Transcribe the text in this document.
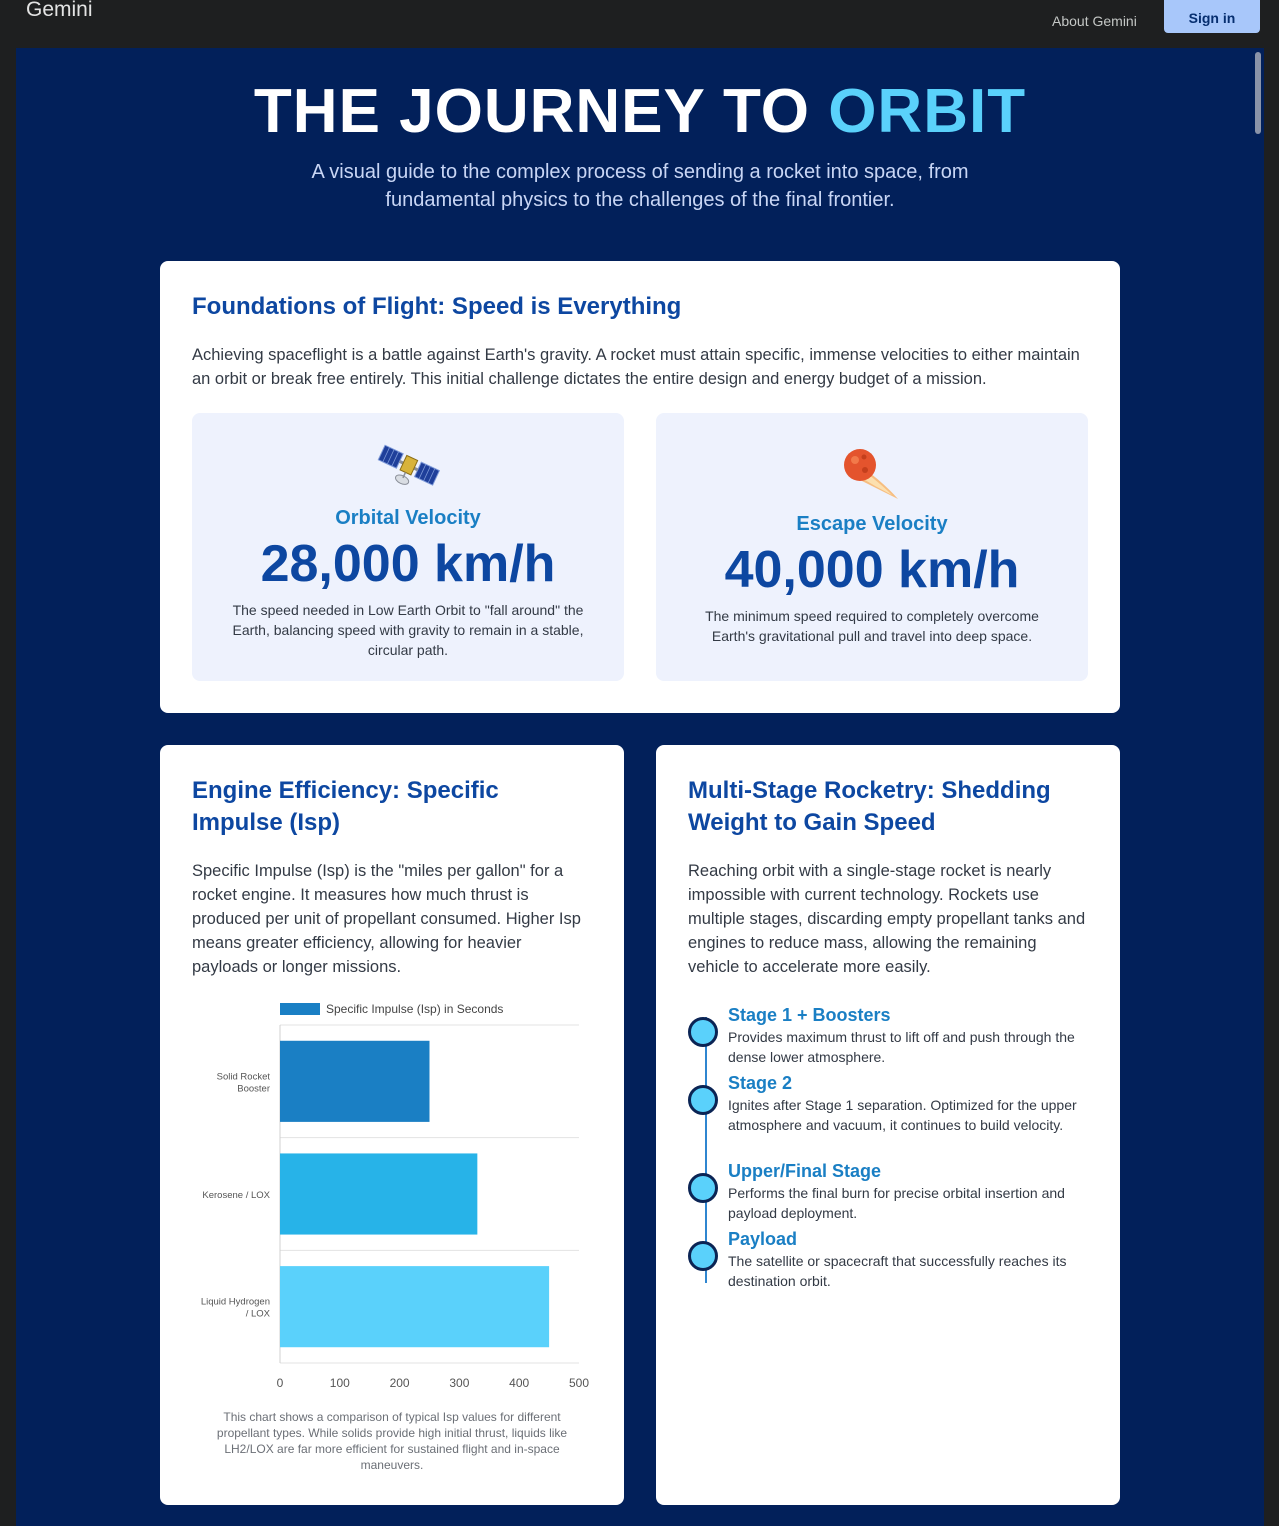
Gemini	About Gemini	Sign in
THE JOURNEY TO ORBIT

A visual guide to the complex process of sending a rocket into space, from fundamental physics to the challenges of the final frontier.

Foundations of Flight: Speed is Everything

Achieving spaceflight is a battle against Earth's gravity. A rocket must attain specific, immense velocities to either maintain an orbit or break free entirely. This initial challenge dictates the entire design and energy budget of a mission.

Orbital Velocity
28,000 km/h

The speed needed in Low Earth Orbit to "fall around" the Earth, balancing speed with gravity to remain in a stable, circular path.

Escape Velocity
40,000 km/h

The minimum speed required to completely overcome Earth's gravitational pull and travel into deep space.

Engine Efficiency: Specific Impulse (Isp)

Specific Impulse (Isp) is the "miles per gallon" for a rocket engine. It measures how much thrust is produced per unit of propellant consumed. Higher Isp means greater efficiency, allowing for heavier payloads or longer missions.

Specific Impulse (Isp) in Seconds
Solid Rocket
Booster
Kerosene / LOX
Liquid Hydrogen
/ LOX
0	100	200	300	400	500

This chart shows a comparison of typical Isp values for different propellant types. While solids provide high initial thrust, liquids like LH2/LOX are far more efficient for sustained flight and in-space maneuvers.

Multi-Stage Rocketry: Shedding Weight to Gain Speed

Reaching orbit with a single-stage rocket is nearly impossible with current technology. Rockets use multiple stages, discarding empty propellant tanks and engines to reduce mass, allowing the remaining vehicle to accelerate more easily.

Stage 1 + Boosters

Provides maximum thrust to lift off and push through the dense lower atmosphere.

Stage 2

Ignites after Stage 1 separation. Optimized for the upper atmosphere and vacuum, it continues to build velocity.

Upper/Final Stage

Performs the final burn for precise orbital insertion and payload deployment.

Payload

The satellite or spacecraft that successfully reaches its destination orbit.
